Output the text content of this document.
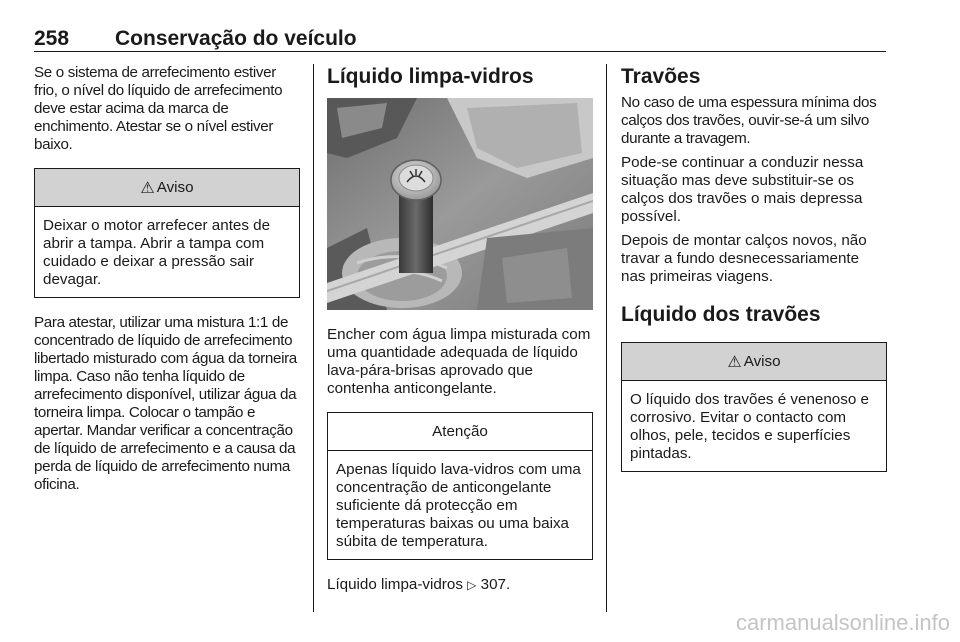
258 Conservação do veículo

Se o sistema de arrefecimento estiver frio, o nível do líquido de arrefecimento deve estar acima da marca de enchimento. Atestar se o nível estiver baixo.

⚠ Aviso

Deixar o motor arrefecer antes de abrir a tampa. Abrir a tampa com cuidado e deixar a pressão sair devagar.

Para atestar, utilizar uma mistura 1:1 de concentrado de líquido de arrefecimento libertado misturado com água da torneira limpa. Caso não tenha líquido de arrefecimento disponível, utilizar água da torneira limpa. Colocar o tampão e apertar. Mandar verificar a concentração de líquido de arrefecimento e a causa da perda de líquido de arrefecimento numa oficina.

Líquido limpa-vidros

Encher com água limpa misturada com uma quantidade adequada de líquido lava-pára-brisas aprovado que contenha anticongelante.

Atenção

Apenas líquido lava-vidros com uma concentração de anticongelante suficiente dá protecção em temperaturas baixas ou uma baixa súbita de temperatura.

Líquido limpa-vidros ▷ 307.

Travões

No caso de uma espessura mínima dos calços dos travões, ouvir-se-á um silvo durante a travagem.

Pode-se continuar a conduzir nessa situação mas deve substituir-se os calços dos travões o mais depressa possível.

Depois de montar calços novos, não travar a fundo desnecessariamente nas primeiras viagens.

Líquido dos travões
⚠ Aviso

O líquido dos travões é venenoso e corrosivo. Evitar o contacto com olhos, pele, tecidos e superfícies pintadas.

carmanualsonline.info
